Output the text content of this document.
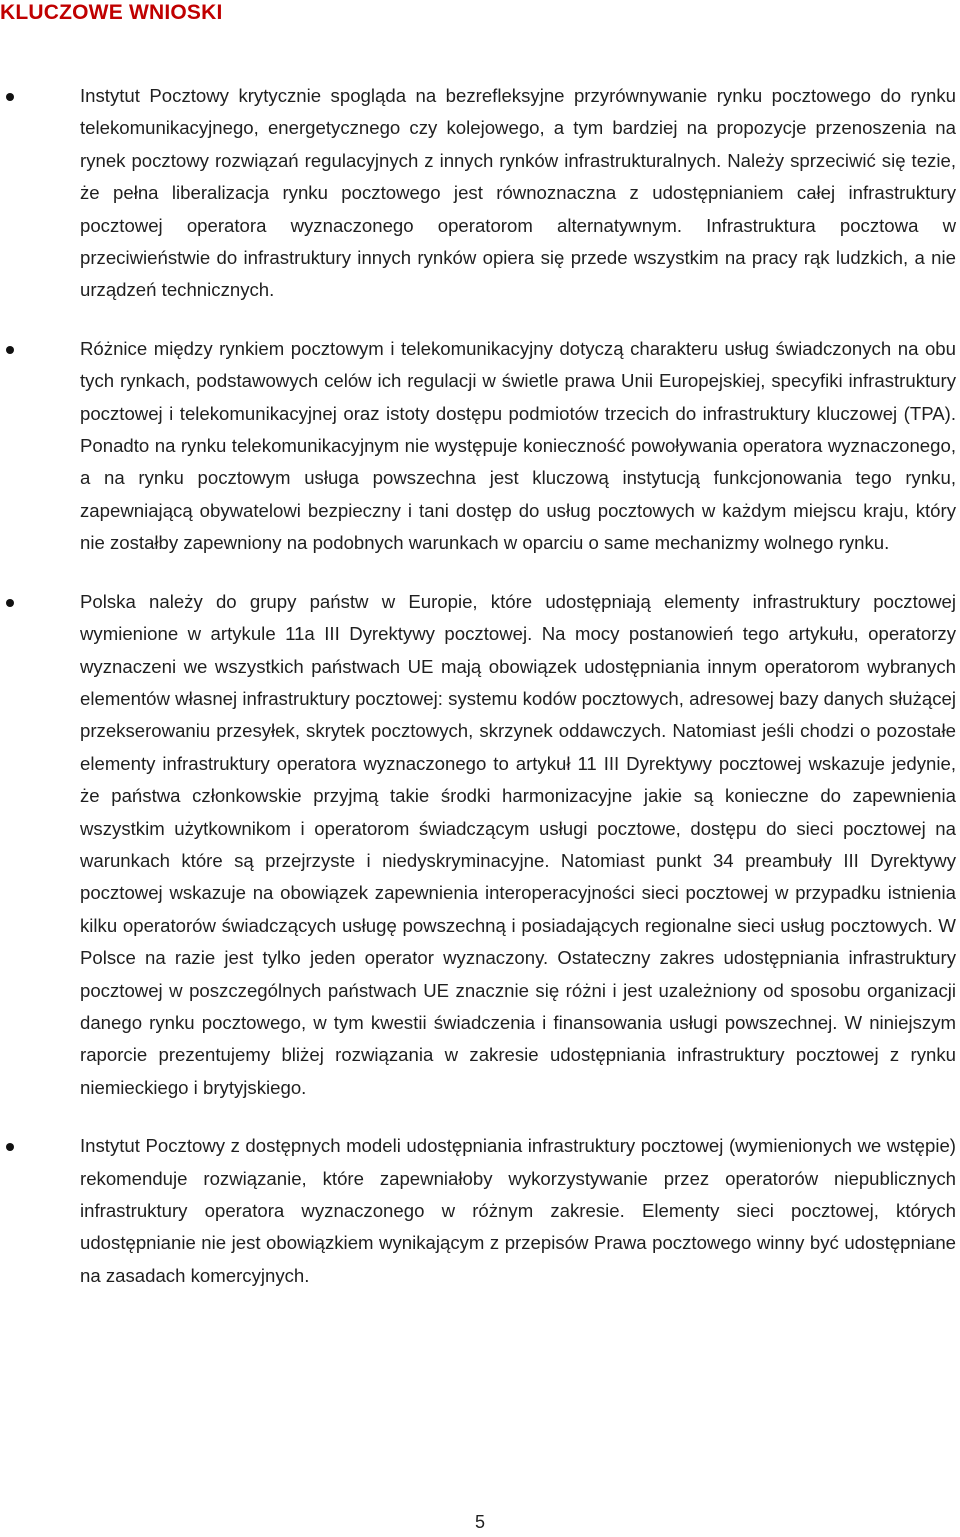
KLUCZOWE WNIOSKI

Instytut Pocztowy krytycznie spogląda na bezrefleksyjne przyrównywanie rynku pocztowego do rynku telekomunikacyjnego, energetycznego czy kolejowego, a tym bardziej na propozycje przenoszenia na rynek pocztowy rozwiązań regulacyjnych z innych rynków infrastrukturalnych. Należy sprzeciwić się tezie, że pełna liberalizacja rynku pocztowego jest równoznaczna z udostępnianiem całej infrastruktury pocztowej operatora wyznaczonego operatorom alternatywnym. Infrastruktura pocztowa w przeciwieństwie do infrastruktury innych rynków opiera się przede wszystkim na pracy rąk ludzkich, a nie urządzeń technicznych.

Różnice między rynkiem pocztowym i telekomunikacyjny dotyczą charakteru usług świadczonych na obu tych rynkach, podstawowych celów ich regulacji w świetle prawa Unii Europejskiej, specyfiki infrastruktury pocztowej i telekomunikacyjnej oraz istoty dostępu podmiotów trzecich do infrastruktury kluczowej (TPA). Ponadto na rynku telekomunikacyjnym nie występuje konieczność powoływania operatora wyznaczonego, a na rynku pocztowym usługa powszechna jest kluczową instytucją funkcjonowania tego rynku, zapewniającą obywatelowi bezpieczny i tani dostęp do usług pocztowych w każdym miejscu kraju, który nie zostałby zapewniony na podobnych warunkach w oparciu o same mechanizmy wolnego rynku.

Polska należy do grupy państw w Europie, które udostępniają elementy infrastruktury pocztowej wymienione w artykule 11a III Dyrektywy pocztowej. Na mocy postanowień tego artykułu, operatorzy wyznaczeni we wszystkich państwach UE mają obowiązek udostępniania innym operatorom wybranych elementów własnej infrastruktury pocztowej: systemu kodów pocztowych, adresowej bazy danych służącej przekserowaniu przesyłek, skrytek pocztowych, skrzynek oddawczych. Natomiast jeśli chodzi o pozostałe elementy infrastruktury operatora wyznaczonego to artykuł 11 III Dyrektywy pocztowej wskazuje jedynie, że państwa członkowskie przyjmą takie środki harmonizacyjne jakie są konieczne do zapewnienia wszystkim użytkownikom i operatorom świadczącym usługi pocztowe, dostępu do sieci pocztowej na warunkach które są przejrzyste i niedyskryminacyjne. Natomiast punkt 34 preambuły III Dyrektywy pocztowej wskazuje na obowiązek zapewnienia interoperacyjności sieci pocztowej w przypadku istnienia kilku operatorów świadczących usługę powszechną i posiadających regionalne sieci usług pocztowych. W Polsce na razie jest tylko jeden operator wyznaczony. Ostateczny zakres udostępniania infrastruktury pocztowej w poszczególnych państwach UE znacznie się różni i jest uzależniony od sposobu organizacji danego rynku pocztowego, w tym kwestii świadczenia i finansowania usługi powszechnej. W niniejszym raporcie prezentujemy bliżej rozwiązania w zakresie udostępniania infrastruktury pocztowej z rynku niemieckiego i brytyjskiego.

Instytut Pocztowy z dostępnych modeli udostępniania infrastruktury pocztowej (wymienionych we wstępie) rekomenduje rozwiązanie, które zapewniałoby wykorzystywanie przez operatorów niepublicznych infrastruktury operatora wyznaczonego w różnym zakresie. Elementy sieci pocztowej, których udostępnianie nie jest obowiązkiem wynikającym z przepisów Prawa pocztowego winny być udostępniane na zasadach komercyjnych.

5
